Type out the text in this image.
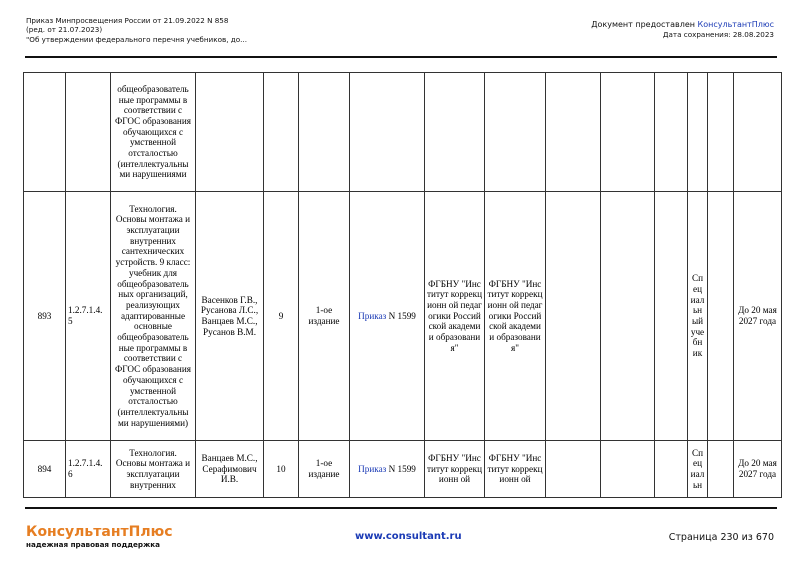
Приказ Минпросвещения России от 21.09.2022 N 858
(ред. от 21.07.2023)
"Об утверждении федерального перечня учебников, до...
Документ предоставлен КонсультантПлюс
Дата сохранения: 28.08.2023
		общеобразователь ные программы в соответствии с ФГОС образования обучающихся с умственной отсталостью (интеллектуальны ми нарушениями												
893	1.2.7.1.4. 5	Технология. Основы монтажа и эксплуатации внутренних сантехнических устройств. 9 класс: учебник для общеобразователь ных организаций, реализующих адаптированные основные общеобразователь ные программы в соответствии с ФГОС образования обучающихся с умственной отсталостью (интеллектуальны ми нарушениями)	Васенков Г.В., Русанова Л.С., Ванцаев М.С., Русанов В.М.	9	1-ое издание	Приказ N 1599	ФГБНУ "Институт коррекционн ой педагогики Российской академии образования"	ФГБНУ "Институт коррекционн ой педагогики Российской академии образования"				Сп ец иал ьн ый уче бн ик		До 20 мая 2027 года
894	1.2.7.1.4. 6	Технология. Основы монтажа и эксплуатации внутренних	Ванцаев М.С., Серафимович И.В.	10	1-ое издание	Приказ N 1599	ФГБНУ "Институт коррекционн ой	ФГБНУ "Институт коррекционн ой				Сп ец иал ьн		До 20 мая 2027 года
КонсультантПлюс
надежная правовая поддержка
www.consultant.ru	Страница 230 из 670
